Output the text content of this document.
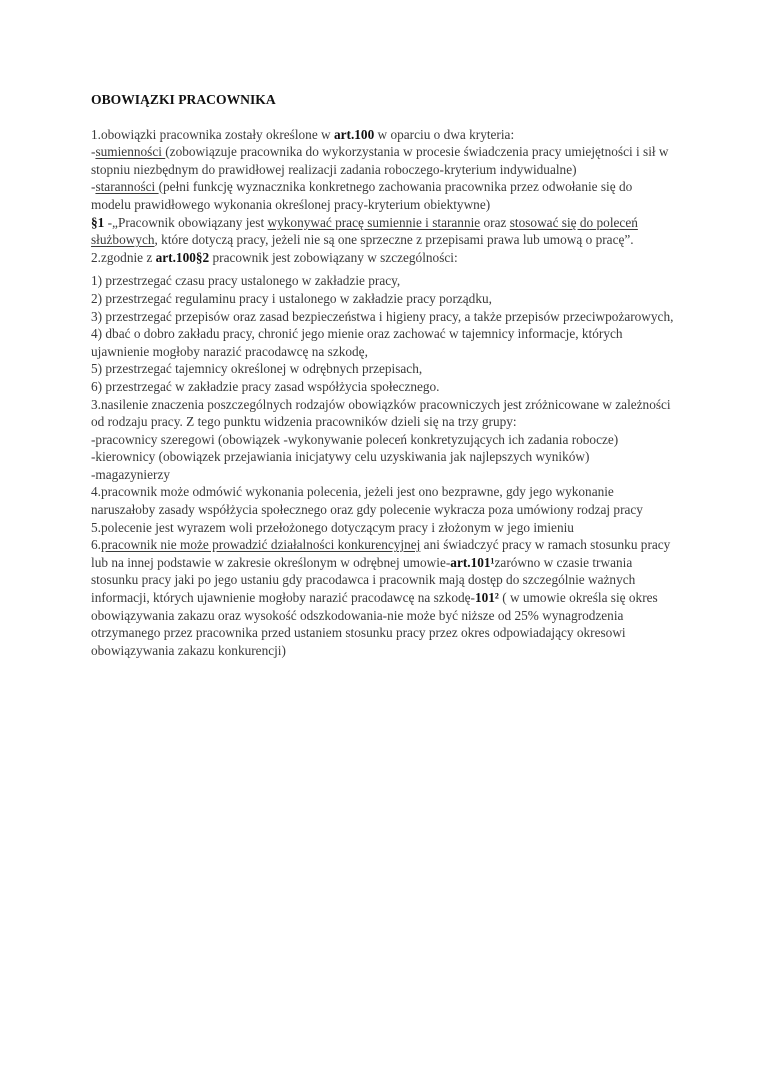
OBOWIĄZKI PRACOWNIKA

1.obowiązki pracownika zostały określone w art.100 w oparciu o dwa kryteria:

-sumienności (zobowiązuje pracownika do wykorzystania w procesie świadczenia pracy umiejętności i sił w stopniu niezbędnym do prawidłowej realizacji zadania roboczego-kryterium indywidualne)

-staranności (pełni funkcję wyznacznika konkretnego zachowania pracownika przez odwołanie się do modelu prawidłowego wykonania określonej pracy-kryterium obiektywne)

§1 -„Pracownik obowiązany jest wykonywać pracę sumiennie i starannie oraz stosować się do poleceń służbowych, które dotyczą pracy, jeżeli nie są one sprzeczne z przepisami prawa lub umową o pracę”.

2.zgodnie z art.100§2 pracownik jest zobowiązany w szczególności:

1) przestrzegać czasu pracy ustalonego w zakładzie pracy,

2) przestrzegać regulaminu pracy i ustalonego w zakładzie pracy porządku,

3) przestrzegać przepisów oraz zasad bezpieczeństwa i higieny pracy, a także przepisów przeciwpożarowych,

4) dbać o dobro zakładu pracy, chronić jego mienie oraz zachować w tajemnicy informacje, których ujawnienie mogłoby narazić pracodawcę na szkodę,

5) przestrzegać tajemnicy określonej w odrębnych przepisach,

6) przestrzegać w zakładzie pracy zasad współżycia społecznego.

3.nasilenie znaczenia poszczególnych rodzajów obowiązków pracowniczych jest zróżnicowane w zależności od rodzaju pracy. Z tego punktu widzenia pracowników dzieli się na trzy grupy:

-pracownicy szeregowi (obowiązek -wykonywanie poleceń konkretyzujących ich zadania robocze)

-kierownicy (obowiązek przejawiania inicjatywy celu uzyskiwania jak najlepszych wyników)

-magazynierzy

4.pracownik może odmówić wykonania polecenia, jeżeli jest ono bezprawne, gdy jego wykonanie naruszałoby zasady współżycia społecznego oraz gdy polecenie wykracza poza umówiony rodzaj pracy

5.polecenie jest wyrazem woli przełożonego dotyczącym pracy i złożonym w jego imieniu

6.pracownik nie może prowadzić działalności konkurencyjnej ani świadczyć pracy w ramach stosunku pracy lub na innej podstawie w zakresie określonym w odrębnej umowie-art.101¹zarówno w czasie trwania stosunku pracy jaki po jego ustaniu gdy pracodawca i pracownik mają dostęp do szczególnie ważnych informacji, których ujawnienie mogłoby narazić pracodawcę na szkodę-101² ( w umowie określa się okres obowiązywania zakazu oraz wysokość odszkodowania-nie może być niższe od 25% wynagrodzenia otrzymanego przez pracownika przed ustaniem stosunku pracy przez okres odpowiadający okresowi obowiązywania zakazu konkurencji)
